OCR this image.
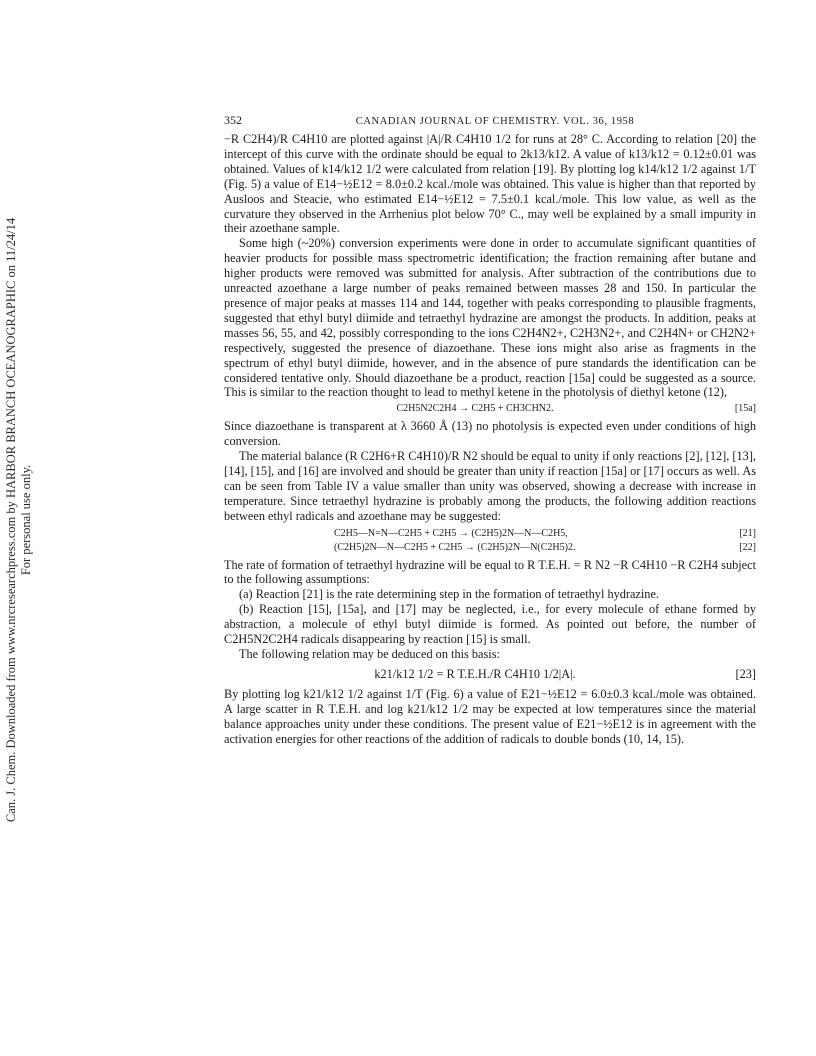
Can. J. Chem. Downloaded from www.nrcresearchpress.com by HARBOR BRANCH OCEANOGRAPHIC on 11/24/14 For personal use only.
352	CANADIAN JOURNAL OF CHEMISTRY. VOL. 36, 1958

−R C2H4)/R C4H10 are plotted against |A|/R C4H10 1/2 for runs at 28° C. According to relation [20] the intercept of this curve with the ordinate should be equal to 2k13/k12. A value of k13/k12 = 0.12±0.01 was obtained. Values of k14/k12 1/2 were calculated from relation [19]. By plotting log k14/k12 1/2 against 1/T (Fig. 5) a value of E14−½E12 = 8.0±0.2 kcal./mole was obtained. This value is higher than that reported by Ausloos and Steacie, who estimated E14−½E12 = 7.5±0.1 kcal./mole. This low value, as well as the curvature they observed in the Arrhenius plot below 70° C., may well be explained by a small impurity in their azoethane sample.

Some high (~20%) conversion experiments were done in order to accumulate significant quantities of heavier products for possible mass spectrometric identification; the fraction remaining after butane and higher products were removed was submitted for analysis. After subtraction of the contributions due to unreacted azoethane a large number of peaks remained between masses 28 and 150. In particular the presence of major peaks at masses 114 and 144, together with peaks corresponding to plausible fragments, suggested that ethyl butyl diimide and tetraethyl hydrazine are amongst the products. In addition, peaks at masses 56, 55, and 42, possibly corresponding to the ions C2H4N2+, C2H3N2+, and C2H4N+ or CH2N2+ respectively, suggested the presence of diazoethane. These ions might also arise as fragments in the spectrum of ethyl butyl diimide, however, and in the absence of pure standards the identification can be considered tentative only. Should diazoethane be a product, reaction [15a] could be suggested as a source. This is similar to the reaction thought to lead to methyl ketene in the photolysis of diethyl ketone (12),

C2H5N2C2H4 → C2H5 + CH3CHN2.	[15a]

Since diazoethane is transparent at λ 3660 Å (13) no photolysis is expected even under conditions of high conversion.

The material balance (R C2H6+R C4H10)/R N2 should be equal to unity if only reactions [2], [12], [13], [14], [15], and [16] are involved and should be greater than unity if reaction [15a] or [17] occurs as well. As can be seen from Table IV a value smaller than unity was observed, showing a decrease with increase in temperature. Since tetraethyl hydrazine is probably among the products, the following addition reactions between ethyl radicals and azoethane may be suggested:

C2H5—N=N—C2H5 + C2H5 → (C2H5)2N—N—C2H5,	[21]
(C2H5)2N—N—C2H5 + C2H5 → (C2H5)2N—N(C2H5)2.	[22]

The rate of formation of tetraethyl hydrazine will be equal to R T.E.H. = R N2 −R C4H10 −R C2H4 subject to the following assumptions:

(a) Reaction [21] is the rate determining step in the formation of tetraethyl hydrazine.

(b) Reaction [15], [15a], and [17] may be neglected, i.e., for every molecule of ethane formed by abstraction, a molecule of ethyl butyl diimide is formed. As pointed out before, the number of C2H5N2C2H4 radicals disappearing by reaction [15] is small.

The following relation may be deduced on this basis:

k21/k12 1/2 = R T.E.H./R C4H10 1/2|A|.	[23]

By plotting log k21/k12 1/2 against 1/T (Fig. 6) a value of E21−½E12 = 6.0±0.3 kcal./mole was obtained. A large scatter in R T.E.H. and log k21/k12 1/2 may be expected at low temperatures since the material balance approaches unity under these conditions. The present value of E21−½E12 is in agreement with the activation energies for other reactions of the addition of radicals to double bonds (10, 14, 15).
